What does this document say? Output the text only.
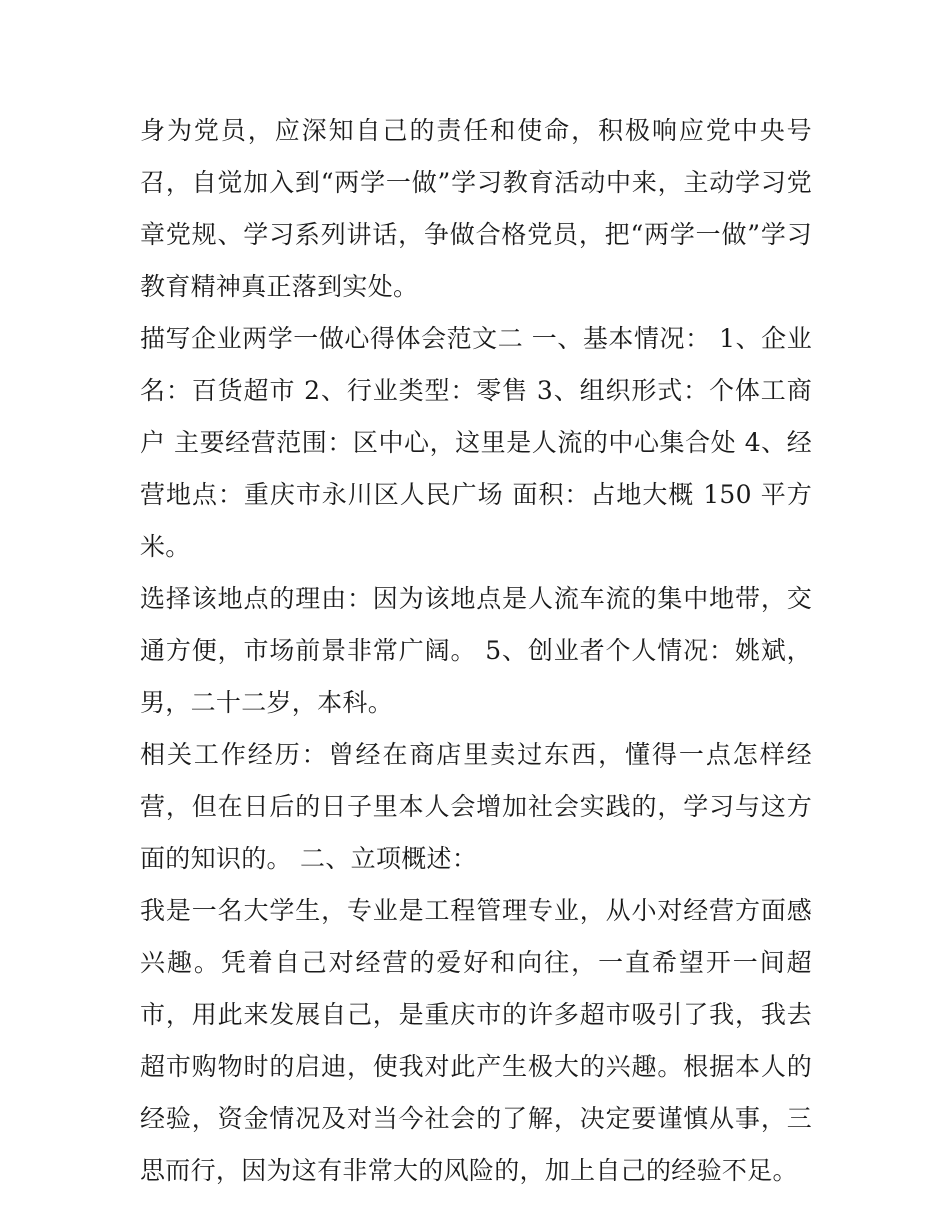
身为党员，应深知自己的责任和使命，积极响应党中央号召，自觉加入到“两学一做”学习教育活动中来，主动学习党章党规、学习系列讲话，争做合格党员，把“两学一做”学习教育精神真正落到实处。

描写企业两学一做心得体会范文二 一、基本情况： 1、企业名：百货超市 2、行业类型：零售 3、组织形式：个体工商户 主要经营范围：区中心，这里是人流的中心集合处 4、经营地点：重庆市永川区人民广场 面积：占地大概 150 平方米。

选择该地点的理由：因为该地点是人流车流的集中地带，交通方便，市场前景非常广阔。 5、创业者个人情况：姚斌，男，二十二岁，本科。

相关工作经历：曾经在商店里卖过东西，懂得一点怎样经营，但在日后的日子里本人会增加社会实践的，学习与这方面的知识的。 二、立项概述：

我是一名大学生，专业是工程管理专业，从小对经营方面感兴趣。凭着自己对经营的爱好和向往，一直希望开一间超市，用此来发展自己，是重庆市的许多超市吸引了我，我去超市购物时的启迪，使我对此产生极大的兴趣。根据本人的经验，资金情况及对当今社会的了解，决定要谨慎从事，三思而行，因为这有非常大的风险的，加上自己的经验不足。
